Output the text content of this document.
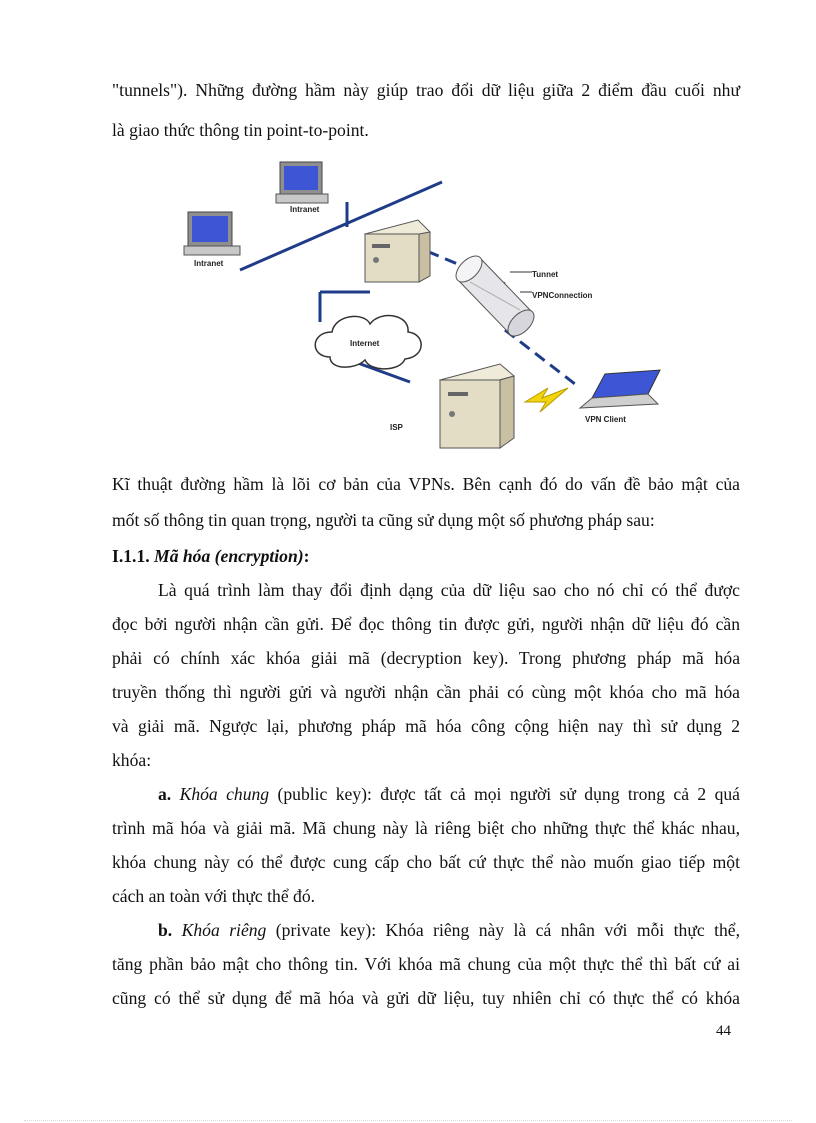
"tunnels"). Những đường hầm này giúp trao đổi dữ liệu giữa 2 điểm đầu cuối như
là giao thức thông tin point-to-point.
Intranet
Intranet
Internet
Tunnet
VPNConnection
ISP
VPN Client
Kĩ thuật đường hầm là lõi cơ bản của VPNs. Bên cạnh đó do vấn đề bảo mật của
mốt số thông tin quan trọng, người ta cũng sử dụng một số phương pháp sau:
I.1.1. Mã hóa (encryption):
Là quá trình làm thay đổi định dạng của dữ liệu sao cho nó chỉ có thể được
đọc bởi người nhận cần gửi. Để đọc thông tin được gửi, người nhận dữ liệu đó cần
phải có chính xác khóa giải mã (decryption key). Trong phương pháp mã hóa
truyền thống thì người gửi và người nhận cần phải có cùng một khóa cho mã hóa
và giải mã. Ngược lại, phương pháp mã hóa công cộng hiện nay thì sử dụng 2
khóa:
a. Khóa chung (public key): được tất cả mọi người sử dụng trong cả 2 quá
trình mã hóa và giải mã. Mã chung này là riêng biệt cho những thực thể khác nhau,
khóa chung này có thể được cung cấp cho bất cứ thực thể nào muốn giao tiếp một
cách an toàn với thực thể đó.
b. Khóa riêng (private key): Khóa riêng này là cá nhân với mỗi thực thể,
tăng phần bảo mật cho thông tin. Với khóa mã chung của một thực thể thì bất cứ ai
cũng có thể sử dụng để mã hóa và gửi dữ liệu, tuy nhiên chỉ có thực thể có khóa
44
